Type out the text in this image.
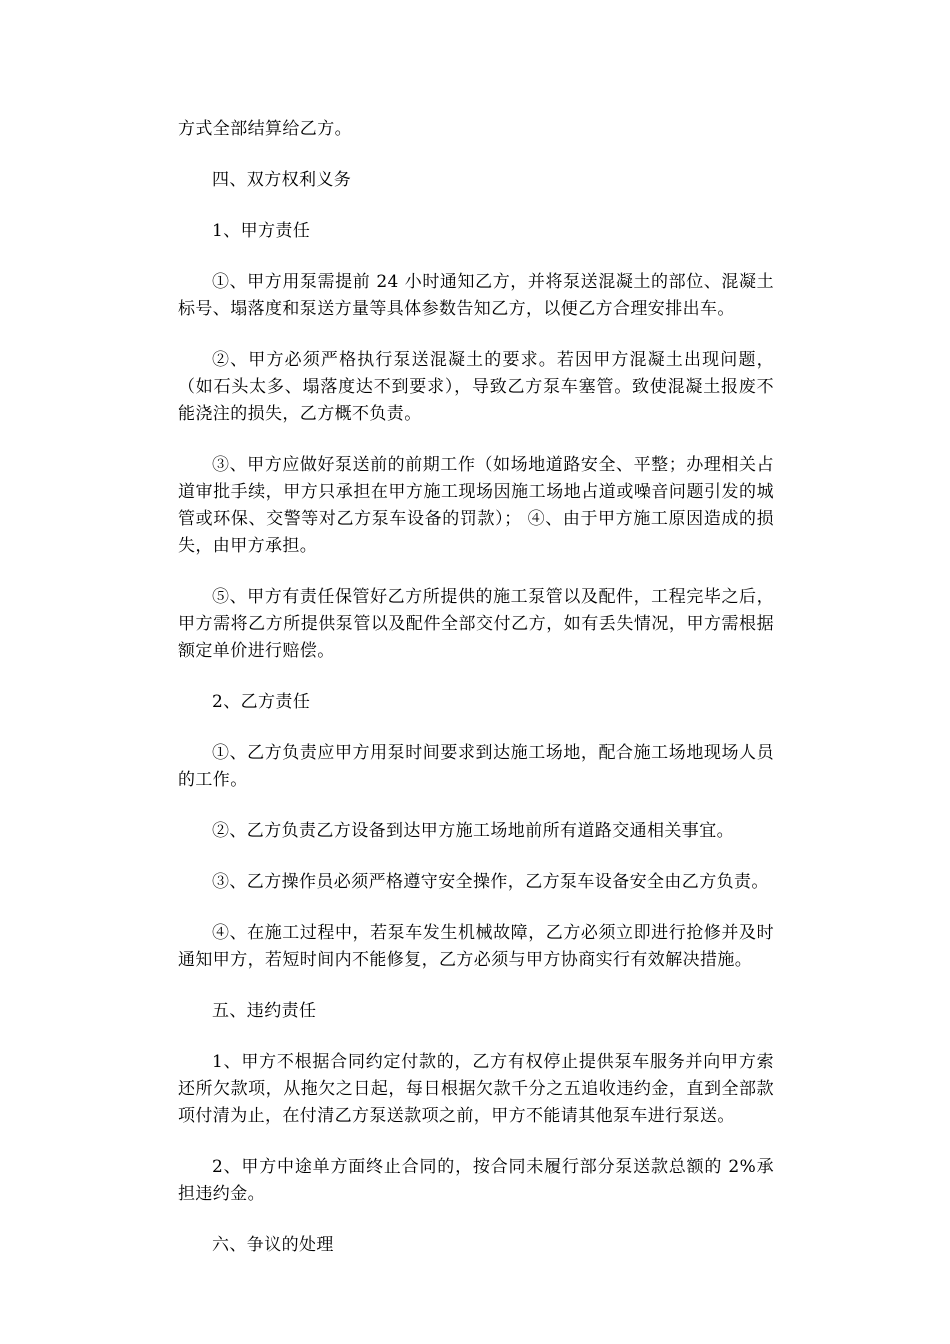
方式全部结算给乙方。

四、双方权利义务

1、甲方责任

①、甲方用泵需提前 24 小时通知乙方，并将泵送混凝土的部位、混凝土标号、塌落度和泵送方量等具体参数告知乙方，以便乙方合理安排出车。

②、甲方必须严格执行泵送混凝土的要求。若因甲方混凝土出现问题，（如石头太多、塌落度达不到要求），导致乙方泵车塞管。致使混凝土报废不能浇注的损失，乙方概不负责。

③、甲方应做好泵送前的前期工作（如场地道路安全、平整；办理相关占道审批手续，甲方只承担在甲方施工现场因施工场地占道或噪音问题引发的城管或环保、交警等对乙方泵车设备的罚款）； ④、由于甲方施工原因造成的损失，由甲方承担。

⑤、甲方有责任保管好乙方所提供的施工泵管以及配件，工程完毕之后，甲方需将乙方所提供泵管以及配件全部交付乙方，如有丢失情况，甲方需根据额定单价进行赔偿。

2、乙方责任

①、乙方负责应甲方用泵时间要求到达施工场地，配合施工场地现场人员的工作。

②、乙方负责乙方设备到达甲方施工场地前所有道路交通相关事宜。

③、乙方操作员必须严格遵守安全操作，乙方泵车设备安全由乙方负责。

④、在施工过程中，若泵车发生机械故障，乙方必须立即进行抢修并及时通知甲方，若短时间内不能修复，乙方必须与甲方协商实行有效解决措施。

五、违约责任

1、甲方不根据合同约定付款的，乙方有权停止提供泵车服务并向甲方索还所欠款项，从拖欠之日起，每日根据欠款千分之五追收违约金，直到全部款项付清为止，在付清乙方泵送款项之前，甲方不能请其他泵车进行泵送。

2、甲方中途单方面终止合同的，按合同未履行部分泵送款总额的 2%承担违约金。

六、争议的处理
